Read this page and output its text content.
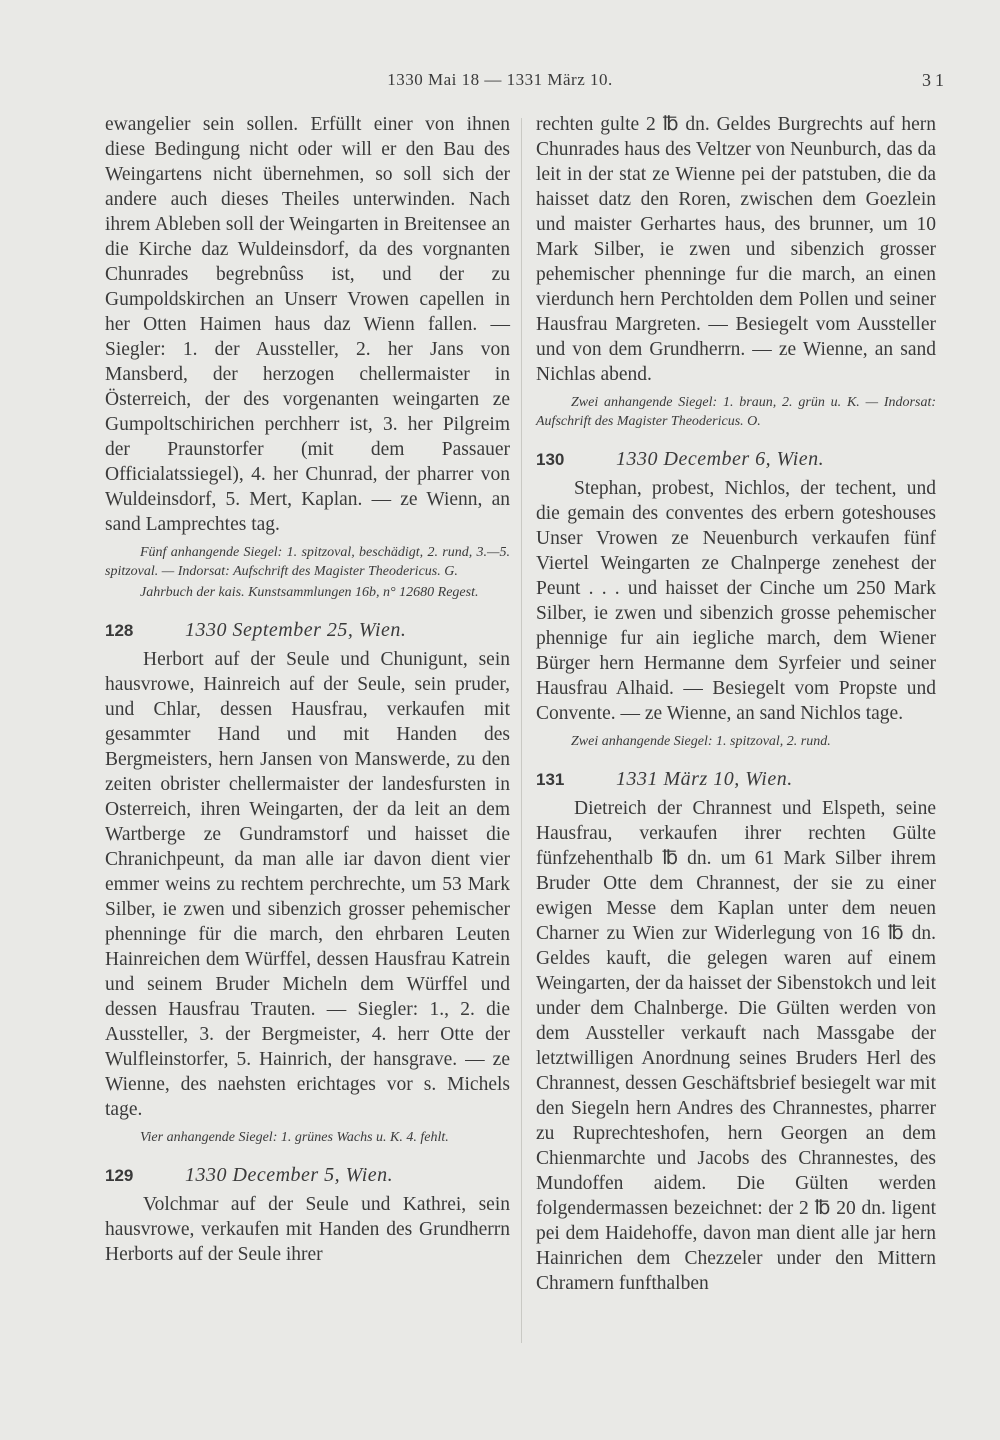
1330 Mai 18 — 1331 März 10.	31

ewangelier sein sollen. Erfüllt einer von ihnen diese Bedingung nicht oder will er den Bau des Weingartens nicht übernehmen, so soll sich der andere auch dieses Theiles unterwinden. Nach ihrem Ableben soll der Weingarten in Breitensee an die Kirche daz Wuldeinsdorf, da des vorgnanten Chunrades begrebnûss ist, und der zu Gumpoldskirchen an Unserr Vrowen capellen in her Otten Haimen haus daz Wienn fallen. — Siegler: 1. der Aussteller, 2. her Jans von Mansberd, der herzogen chellermaister in Österreich, der des vorgenanten weingarten ze Gumpoltschirichen perchherr ist, 3. her Pilgreim der Praunstorfer (mit dem Passauer Officialatssiegel), 4. her Chunrad, der pharrer von Wuldeinsdorf, 5. Mert, Kaplan. — ze Wienn, an sand Lamprechtes tag.

Fünf anhangende Siegel: 1. spitzoval, beschädigt, 2. rund, 3.—5. spitzoval. — Indorsat: Aufschrift des Magister Theodericus. G.

Jahrbuch der kais. Kunstsammlungen 16b, n° 12680 Regest.

128	1330 September 25, Wien.

Herbort auf der Seule und Chunigunt, sein hausvrowe, Hainreich auf der Seule, sein pruder, und Chlar, dessen Hausfrau, verkaufen mit gesammter Hand und mit Handen des Bergmeisters, hern Jansen von Manswerde, zu den zeiten obrister chellermaister der landesfursten in Osterreich, ihren Weingarten, der da leit an dem Wartberge ze Gundramstorf und haisset die Chranichpeunt, da man alle iar davon dient vier emmer weins zu rechtem perchrechte, um 53 Mark Silber, ie zwen und sibenzich grosser pehemischer phenninge für die march, den ehrbaren Leuten Hainreichen dem Würffel, dessen Hausfrau Katrein und seinem Bruder Micheln dem Würffel und dessen Hausfrau Trauten. — Siegler: 1., 2. die Aussteller, 3. der Bergmeister, 4. herr Otte der Wulfleinstorfer, 5. Hainrich, der hansgrave. — ze Wienne, des naehsten erichtages vor s. Michels tage.

Vier anhangende Siegel: 1. grünes Wachs u. K. 4. fehlt.

129	1330 December 5, Wien.

Volchmar auf der Seule und Kathrei, sein hausvrowe, verkaufen mit Handen des Grundherrn Herborts auf der Seule ihrer

rechten gulte 2 ℔ dn. Geldes Burgrechts auf hern Chunrades haus des Veltzer von Neunburch, das da leit in der stat ze Wienne pei der patstuben, die da haisset datz den Roren, zwischen dem Goezlein und maister Gerhartes haus, des brunner, um 10 Mark Silber, ie zwen und sibenzich grosser pehemischer phenninge fur die march, an einen vierdunch hern Perchtolden dem Pollen und seiner Hausfrau Margreten. — Besiegelt vom Aussteller und von dem Grundherrn. — ze Wienne, an sand Nichlas abend.

Zwei anhangende Siegel: 1. braun, 2. grün u. K. — Indorsat: Aufschrift des Magister Theodericus. O.

130	1330 December 6, Wien.

Stephan, probest, Nichlos, der techent, und die gemain des conventes des erbern goteshouses Unser Vrowen ze Neuenburch verkaufen fünf Viertel Weingarten ze Chalnperge zenehest der Peunt . . . und haisset der Cinche um 250 Mark Silber, ie zwen und sibenzich grosse pehemischer phennige fur ain iegliche march, dem Wiener Bürger hern Hermanne dem Syrfeier und seiner Hausfrau Alhaid. — Besiegelt vom Propste und Convente. — ze Wienne, an sand Nichlos tage.

Zwei anhangende Siegel: 1. spitzoval, 2. rund.

131	1331 März 10, Wien.

Dietreich der Chrannest und Elspeth, seine Hausfrau, verkaufen ihrer rechten Gülte fünfzehenthalb ℔ dn. um 61 Mark Silber ihrem Bruder Otte dem Chrannest, der sie zu einer ewigen Messe dem Kaplan unter dem neuen Charner zu Wien zur Widerlegung von 16 ℔ dn. Geldes kauft, die gelegen waren auf einem Weingarten, der da haisset der Sibenstokch und leit under dem Chalnberge. Die Gülten werden von dem Aussteller verkauft nach Massgabe der letztwilligen Anordnung seines Bruders Herl des Chrannest, dessen Geschäftsbrief besiegelt war mit den Siegeln hern Andres des Chrannestes, pharrer zu Ruprechteshofen, hern Georgen an dem Chienmarchte und Jacobs des Chrannestes, des Mundoffen aidem. Die Gülten werden folgendermassen bezeichnet: der 2 ℔ 20 dn. ligent pei dem Haidehoffe, davon man dient alle jar hern Hainrichen dem Chezzeler under den Mittern Chramern funfthalben
